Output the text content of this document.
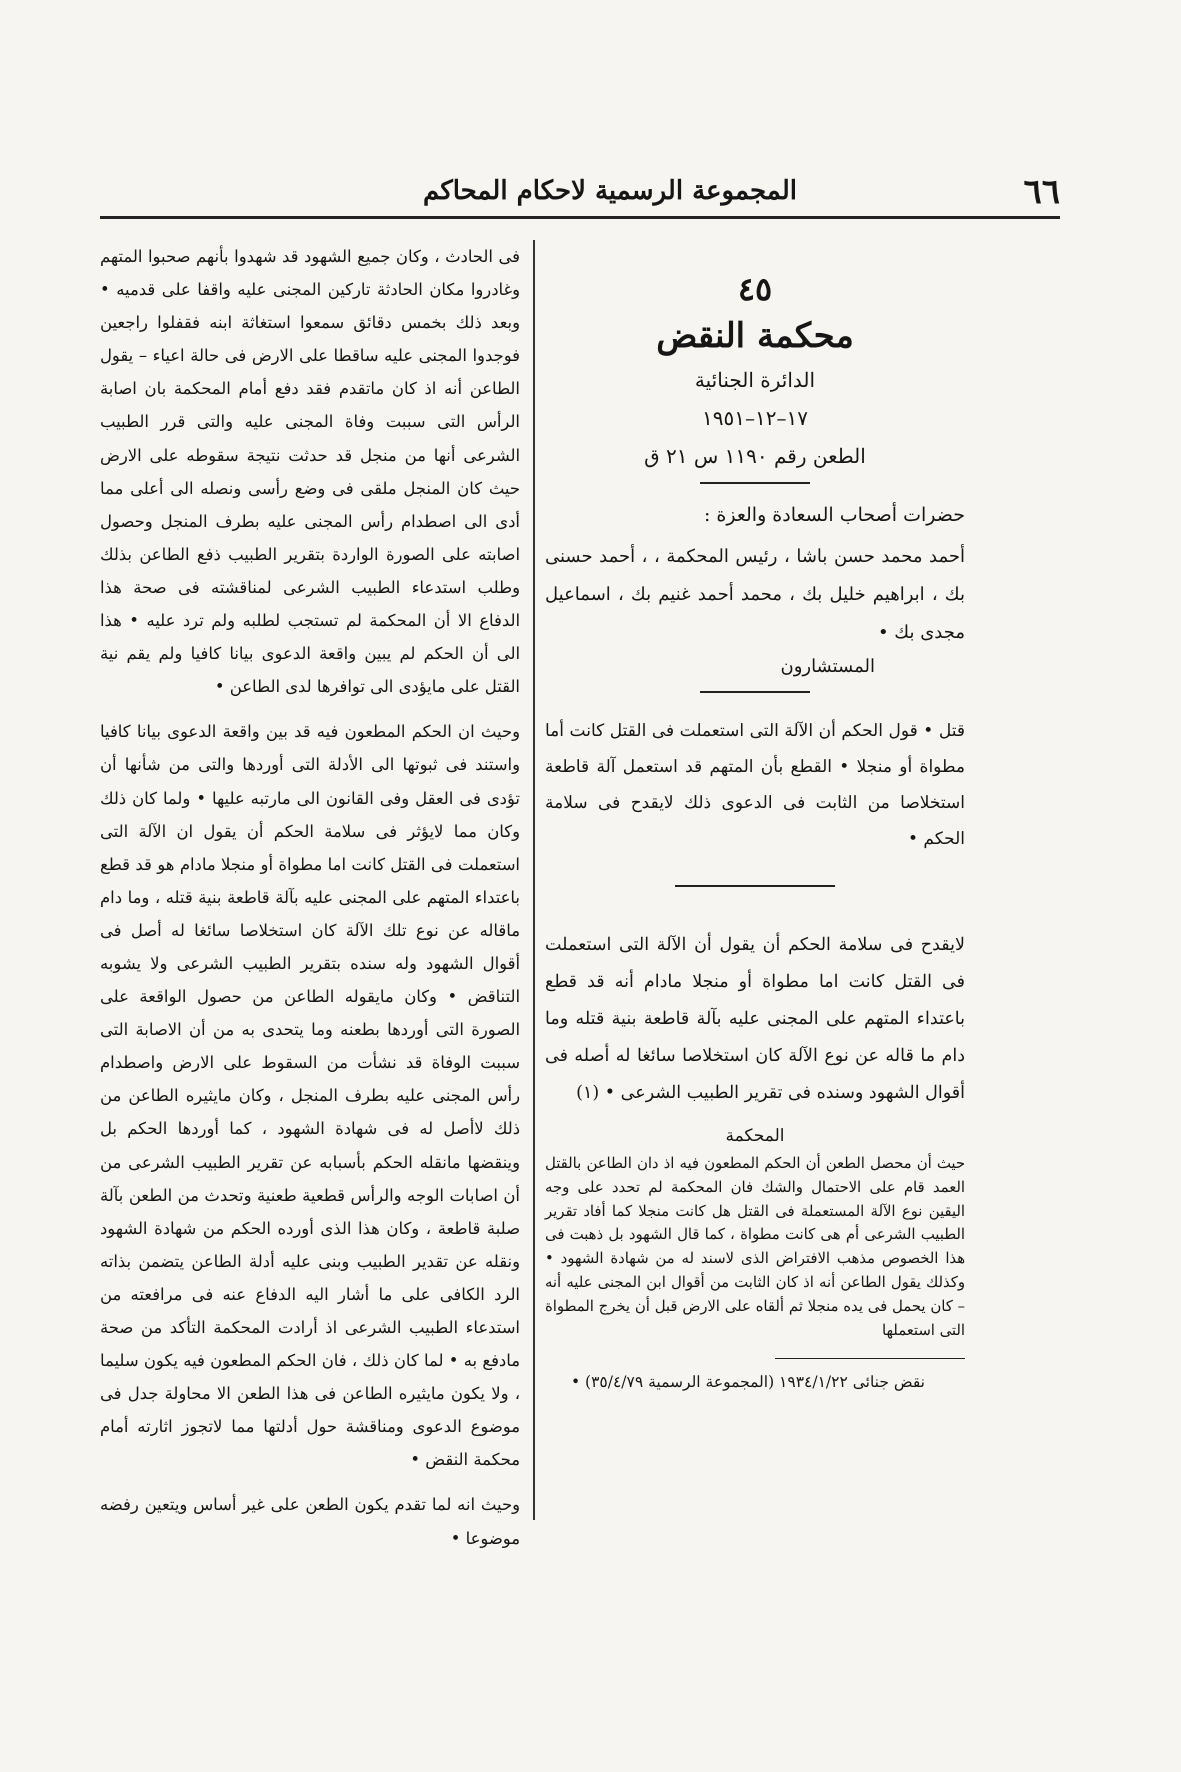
٦٦
المجموعة الرسمية لاحكام المحاكم
٤٥
محكمة النقض
الدائرة الجنائية
١٧–١٢–١٩٥١
الطعن رقم ١١٩٠ س ٢١ ق
حضرات أصحاب السعادة والعزة :
أحمد محمد حسن باشا ، رئيس المحكمة ، ، أحمد حسنى بك ، ابراهيم خليل بك ، محمد أحمد غنيم بك ، اسماعيل مجدى بك •
المستشارون
قتل • قول الحكم أن الآلة التى استعملت فى القتل كانت أما مطواة أو منجلا • القطع بأن المتهم قد استعمل آلة قاطعة استخلاصا من الثابت فى الدعوى ذلك لايقدح فى سلامة الحكم •
لايقدح فى سلامة الحكم أن يقول أن الآلة التى استعملت فى القتل كانت اما مطواة أو منجلا مادام أنه قد قطع باعتداء المتهم على المجنى عليه بآلة قاطعة بنية قتله وما دام ما قاله عن نوع الآلة كان استخلاصا سائغا له أصله فى أقوال الشهود وسنده فى تقرير الطبيب الشرعى • (١)
المحكمة
حيث أن محصل الطعن أن الحكم المطعون فيه اذ دان الطاعن بالقتل العمد قام على الاحتمال والشك فان المحكمة لم تحدد على وجه اليقين نوع الآلة المستعملة فى القتل هل كانت منجلا كما أفاد تقرير الطبيب الشرعى أم هى كانت مطواة ، كما قال الشهود بل ذهبت فى هذا الخصوص مذهب الافتراض الذى لاسند له من شهادة الشهود • وكذلك يقول الطاعن أنه اذ كان الثابت من أقوال ابن المجنى عليه أنه – كان يحمل فى يده منجلا ثم ألقاه على الارض قبل أن يخرج المطواة التى استعملها
نقض جنائى ١٩٣٤/١/٢٢ (المجموعة الرسمية ٣٥/٤/٧٩) •

فى الحادث ، وكان جميع الشهود قد شهدوا بأنهم صحبوا المتهم وغادروا مكان الحادثة تاركين المجنى عليه واقفا على قدميه • وبعد ذلك بخمس دقائق سمعوا استغاثة ابنه فقفلوا راجعين فوجدوا المجنى عليه ساقطا على الارض فى حالة اعياء – يقول الطاعن أنه اذ كان ماتقدم فقد دفع أمام المحكمة بان اصابة الرأس التى سببت وفاة المجنى عليه والتى قرر الطبيب الشرعى أنها من منجل قد حدثت نتيجة سقوطه على الارض حيث كان المنجل ملقى فى وضع رأسى ونصله الى أعلى مما أدى الى اصطدام رأس المجنى عليه بطرف المنجل وحصول اصابته على الصورة الواردة بتقرير الطبيب ذفع الطاعن بذلك وطلب استدعاء الطبيب الشرعى لمناقشته فى صحة هذا الدفاع الا أن المحكمة لم تستجب لطلبه ولم ترد عليه • هذا الى أن الحكم لم يبين واقعة الدعوى بيانا كافيا ولم يقم نية القتل على مايؤدى الى توافرها لدى الطاعن •

وحيث ان الحكم المطعون فيه قد بين واقعة الدعوى بيانا كافيا واستند فى ثبوتها الى الأدلة التى أوردها والتى من شأنها أن تؤدى فى العقل وفى القانون الى مارتبه عليها • ولما كان ذلك وكان مما لايؤثر فى سلامة الحكم أن يقول ان الآلة التى استعملت فى القتل كانت اما مطواة أو منجلا مادام هو قد قطع باعتداء المتهم على المجنى عليه بآلة قاطعة بنية قتله ، وما دام ماقاله عن نوع تلك الآلة كان استخلاصا سائغا له أصل فى أقوال الشهود وله سنده بتقرير الطبيب الشرعى ولا يشوبه التناقض • وكان مايقوله الطاعن من حصول الواقعة على الصورة التى أوردها بطعنه وما يتحدى به من أن الاصابة التى سببت الوفاة قد نشأت من السقوط على الارض واصطدام رأس المجنى عليه بطرف المنجل ، وكان مايثيره الطاعن من ذلك لاأصل له فى شهادة الشهود ، كما أوردها الحكم بل وينقضها مانقله الحكم بأسبابه عن تقرير الطبيب الشرعى من أن اصابات الوجه والرأس قطعية طعنية وتحدث من الطعن بآلة صلبة قاطعة ، وكان هذا الذى أورده الحكم من شهادة الشهود ونقله عن تقدير الطبيب وبنى عليه أدلة الطاعن يتضمن بذاته الرد الكافى على ما أشار اليه الدفاع عنه فى مرافعته من استدعاء الطبيب الشرعى اذ أرادت المحكمة التأكد من صحة مادفع به • لما كان ذلك ، فان الحكم المطعون فيه يكون سليما ، ولا يكون مايثيره الطاعن فى هذا الطعن الا محاولة جدل فى موضوع الدعوى ومناقشة حول أدلتها مما لاتجوز اثارته أمام محكمة النقض •

وحيث انه لما تقدم يكون الطعن على غير أساس ويتعين رفضه موضوعا •
